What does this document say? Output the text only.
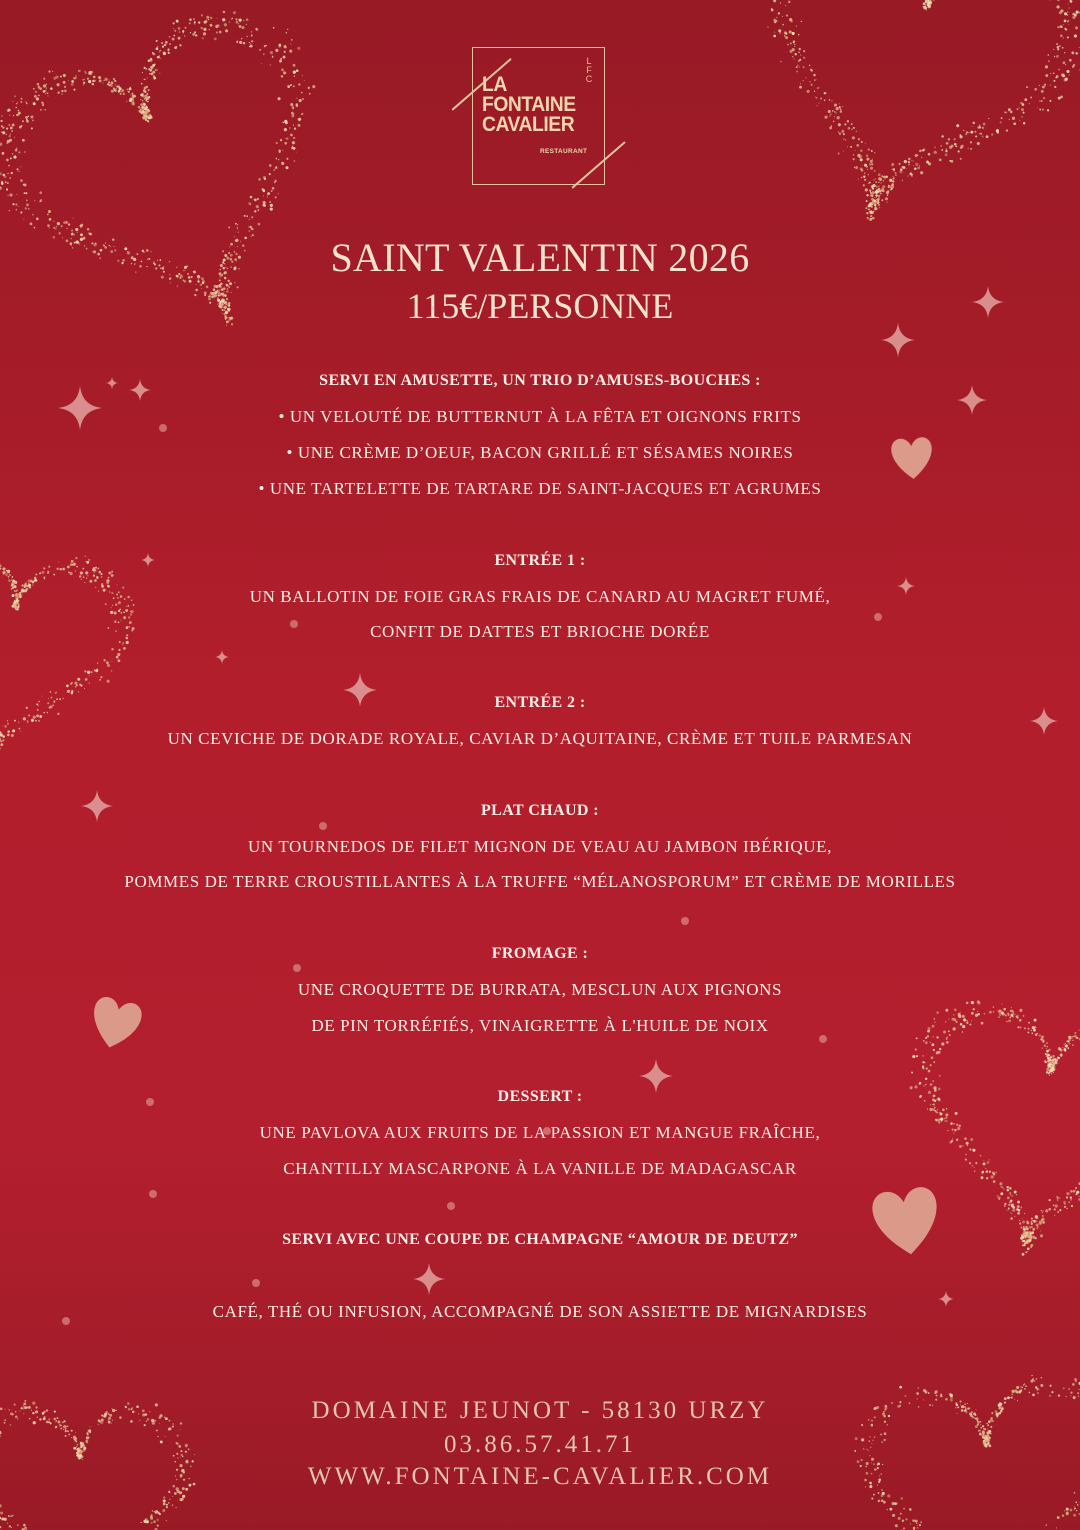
LFC
LA
FONTAINE
CAVALIER
RESTAURANT
SAINT VALENTIN 2026
115€/PERSONNE
SERVI EN AMUSETTE, UN TRIO D’AMUSES-BOUCHES :
• UN VELOUTÉ DE BUTTERNUT À LA FÊTA ET OIGNONS FRITS
• UNE CRÈME D’OEUF, BACON GRILLÉ ET SÉSAMES NOIRES
• UNE TARTELETTE DE TARTARE DE SAINT-JACQUES ET AGRUMES
ENTRÉE 1 :
UN BALLOTIN DE FOIE GRAS FRAIS DE CANARD AU MAGRET FUMÉ,
CONFIT DE DATTES ET BRIOCHE DORÉE
ENTRÉE 2 :
UN CEVICHE DE DORADE ROYALE, CAVIAR D’AQUITAINE, CRÈME ET TUILE PARMESAN
PLAT CHAUD :
UN TOURNEDOS DE FILET MIGNON DE VEAU AU JAMBON IBÉRIQUE,
POMMES DE TERRE CROUSTILLANTES À LA TRUFFE “MÉLANOSPORUM” ET CRÈME DE MORILLES
FROMAGE :
UNE CROQUETTE DE BURRATA, MESCLUN AUX PIGNONS
DE PIN TORRÉFIÉS, VINAIGRETTE À L'HUILE DE NOIX
DESSERT :
UNE PAVLOVA AUX FRUITS DE LA PASSION ET MANGUE FRAÎCHE,
CHANTILLY MASCARPONE À LA VANILLE DE MADAGASCAR
SERVI AVEC UNE COUPE DE CHAMPAGNE “AMOUR DE DEUTZ”
CAFÉ, THÉ OU INFUSION, ACCOMPAGNÉ DE SON ASSIETTE DE MIGNARDISES
DOMAINE JEUNOT - 58130 URZY
03.86.57.41.71
WWW.FONTAINE-CAVALIER.COM
